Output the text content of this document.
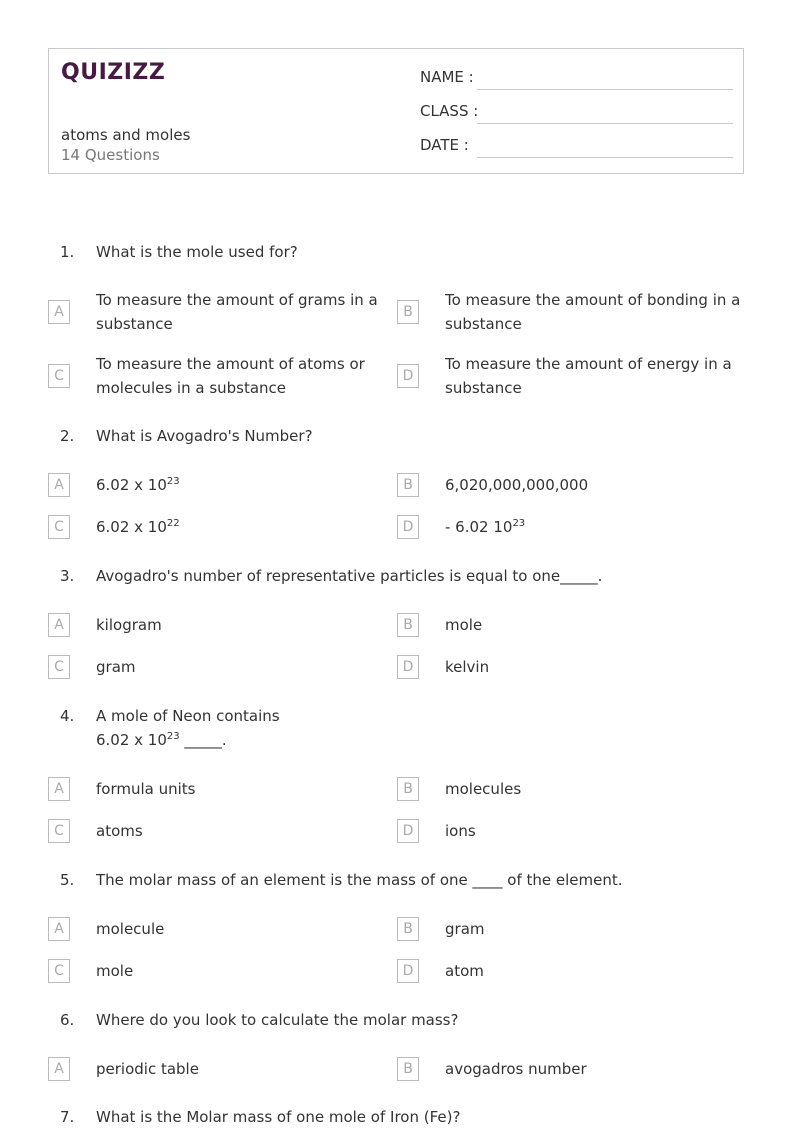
QUIZIZZ
atoms and moles
14 Questions
NAME :
CLASS :
DATE :
1. What is the mole used for?
A
To measure the amount of grams in a substance
B
To measure the amount of bonding in a substance
C
To measure the amount of atoms or molecules in a substance
D
To measure the amount of energy in a substance
2. What is Avogadro's Number?
A	6.02 x $10^{23}$	B	6,020,000,000,000
C	6.02 x $10^{22}$	D	- 6.02 $10^{23}$
3. Avogadro's number of representative particles is equal to one_____.
A	kilogram	B	mole
C	gram	D	kelvin
4. A mole of Neon contains
6.02 x $10^{23}$ _____.
A	formula units	B	molecules
C	atoms	D	ions
5. The molar mass of an element is the mass of one ____ of the element.
A	molecule	B	gram
C	mole	D	atom
6. Where do you look to calculate the molar mass?
A	periodic table	B	avogadros number
7. What is the Molar mass of one mole of Iron (Fe)?
